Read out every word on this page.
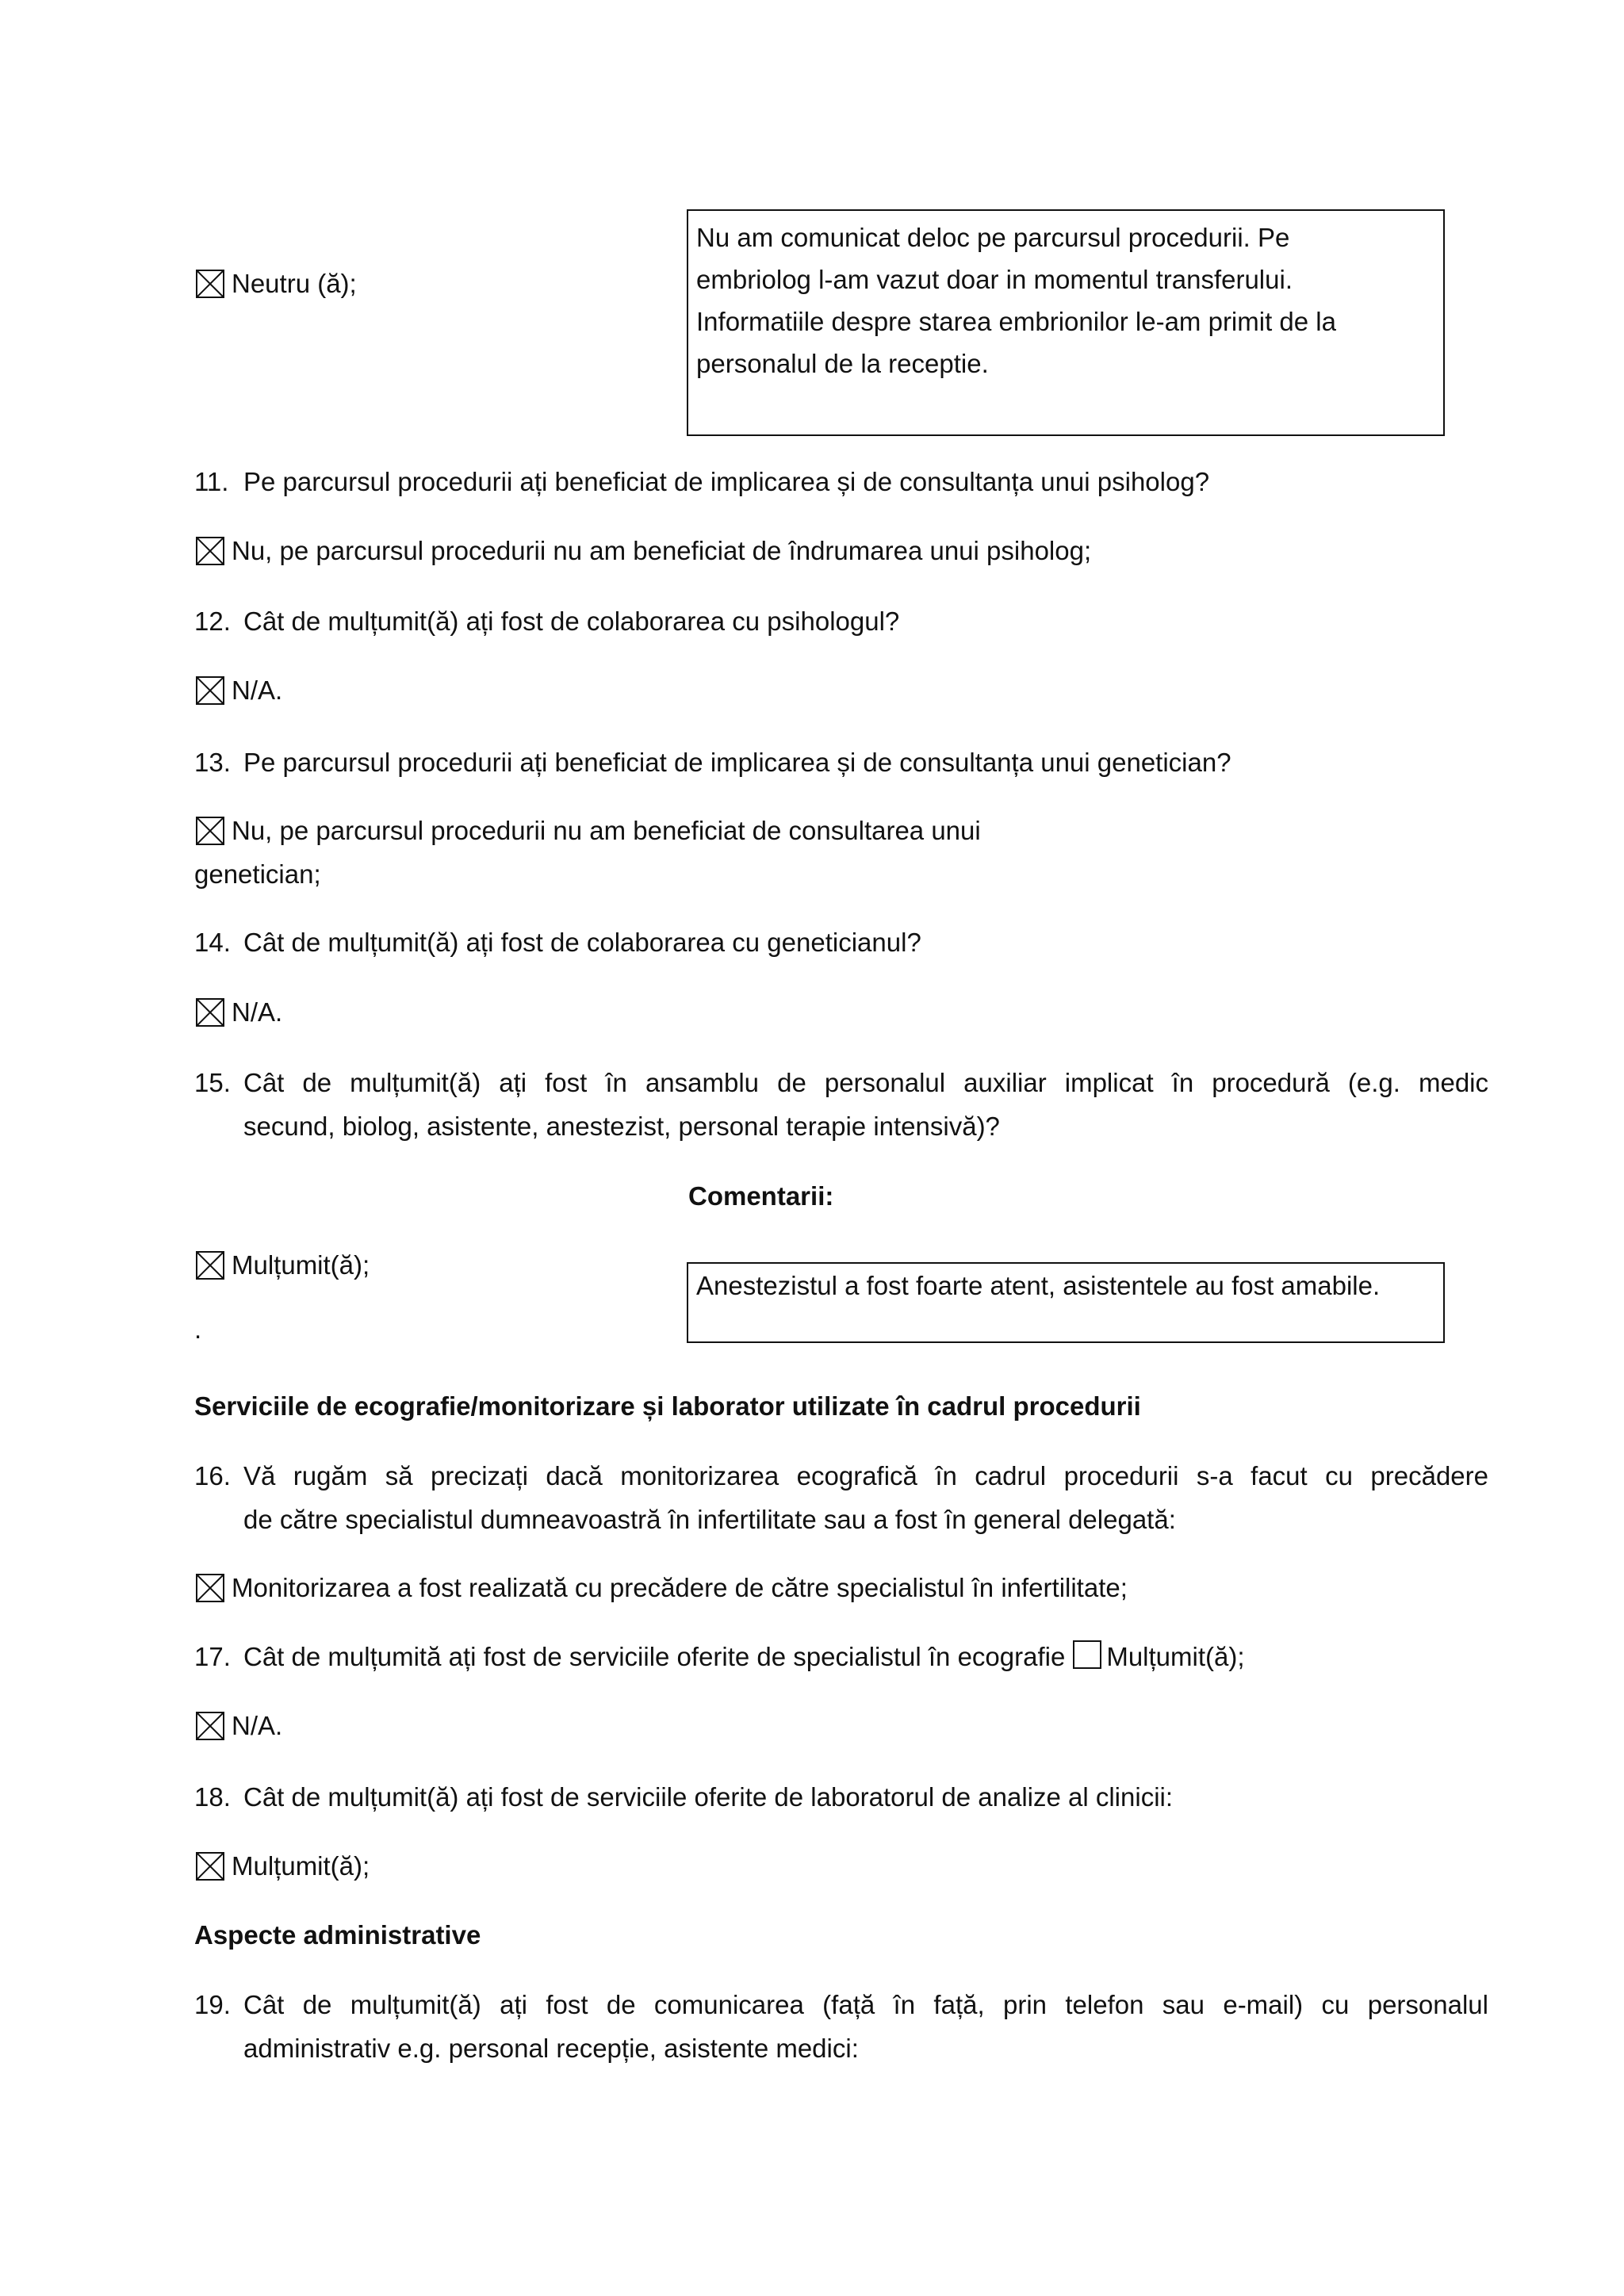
Neutru (ă);
Nu am comunicat deloc pe parcursul procedurii. Pe
embriolog l-am vazut doar in momentul transferului.
Informatiile despre starea embrionilor le-am primit de la
personalul de la receptie.
11. Pe parcursul procedurii ați beneficiat de implicarea și de consultanța unui psiholog?
Nu, pe parcursul procedurii nu am beneficiat de îndrumarea unui psiholog;
12. Cât de mulțumit(ă) ați fost de colaborarea cu psihologul?
N/A.
13. Pe parcursul procedurii ați beneficiat de implicarea și de consultanța unui genetician?
Nu, pe parcursul procedurii nu am beneficiat de consultarea unui
genetician;
14. Cât de mulțumit(ă) ați fost de colaborarea cu geneticianul?
N/A.
15. Cât de mulțumit(ă) ați fost în ansamblu de personalul auxiliar implicat în procedură (e.g. medic
secund, biolog, asistente, anestezist, personal terapie intensivă)?
Comentarii:
Mulțumit(ă);
.
Anestezistul a fost foarte atent, asistentele au fost amabile.
Serviciile de ecografie/monitorizare și laborator utilizate în cadrul procedurii
16. Vă rugăm să precizați dacă monitorizarea ecografică în cadrul procedurii s-a facut cu precădere
de către specialistul dumneavoastră în infertilitate sau a fost în general delegată:
Monitorizarea a fost realizată cu precădere de către specialistul în infertilitate;
17. Cât de mulțumită ați fost de serviciile oferite de specialistul în ecografie Mulțumit(ă);
N/A.
18. Cât de mulțumit(ă) ați fost de serviciile oferite de laboratorul de analize al clinicii:
Mulțumit(ă);
Aspecte administrative
19. Cât de mulțumit(ă) ați fost de comunicarea (față în față, prin telefon sau e-mail) cu personalul
administrativ e.g. personal recepție, asistente medici:
